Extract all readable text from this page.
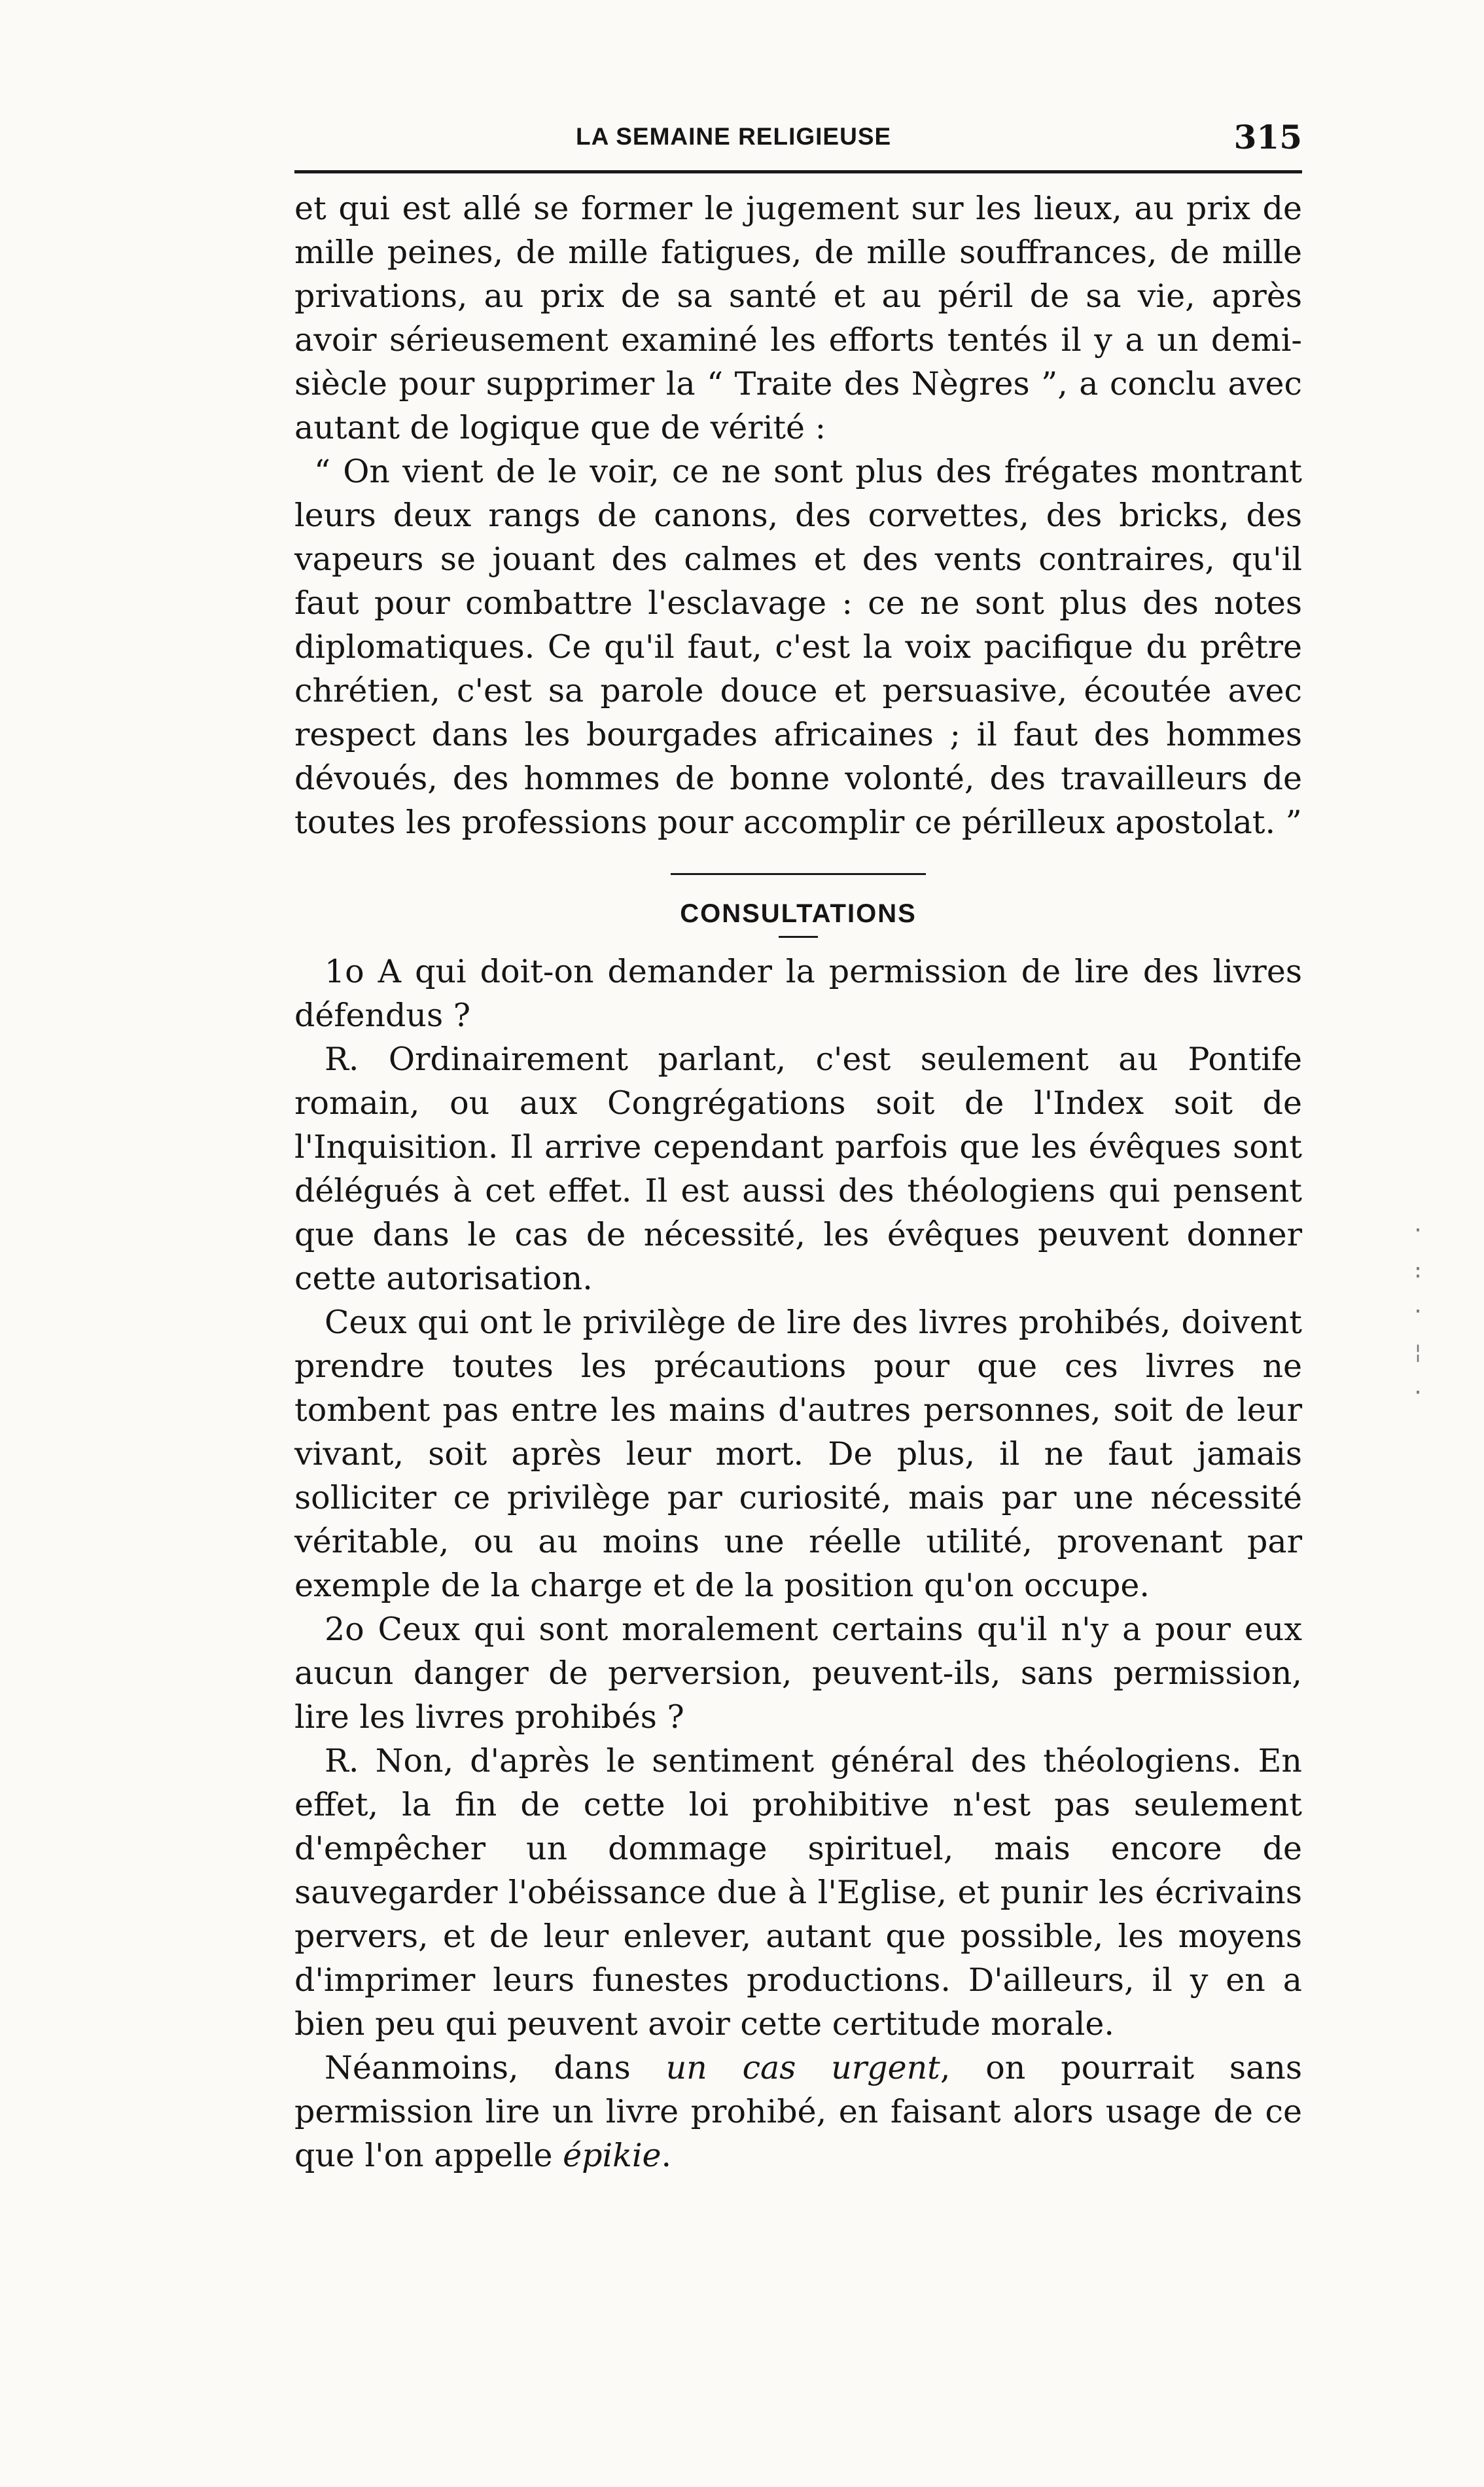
LA SEMAINE RELIGIEUSE	315

et qui est allé se former le jugement sur les lieux, au prix de mille peines, de mille fatigues, de mille souffrances, de mille privations, au prix de sa santé et au péril de sa vie, après avoir sérieusement examiné les efforts tentés il y a un demi-siècle pour supprimer la “ Traite des Nègres ”, a conclu avec autant de logique que de vérité :

“ On vient de le voir, ce ne sont plus des frégates montrant leurs deux rangs de canons, des corvettes, des bricks, des vapeurs se jouant des calmes et des vents contraires, qu'il faut pour combattre l'esclavage : ce ne sont plus des notes diplomatiques. Ce qu'il faut, c'est la voix pacifique du prêtre chrétien, c'est sa parole douce et persuasive, écoutée avec respect dans les bourgades africaines ; il faut des hommes dévoués, des hommes de bonne volonté, des travailleurs de toutes les professions pour accomplir ce périlleux apostolat. ”

CONSULTATIONS

1o A qui doit-on demander la permission de lire des livres défendus ?

R. Ordinairement parlant, c'est seulement au Pontife romain, ou aux Congrégations soit de l'Index soit de l'Inquisition. Il arrive cependant parfois que les évêques sont délégués à cet effet. Il est aussi des théologiens qui pensent que dans le cas de nécessité, les évêques peuvent donner cette autorisation.

Ceux qui ont le privilège de lire des livres prohibés, doivent prendre toutes les précautions pour que ces livres ne tombent pas entre les mains d'autres personnes, soit de leur vivant, soit après leur mort. De plus, il ne faut jamais solliciter ce privilège par curiosité, mais par une nécessité véritable, ou au moins une réelle utilité, provenant par exemple de la charge et de la position qu'on occupe.

2o Ceux qui sont moralement certains qu'il n'y a pour eux aucun danger de perversion, peuvent-ils, sans permission, lire les livres prohibés ?

R. Non, d'après le sentiment général des théologiens. En effet, la fin de cette loi prohibitive n'est pas seulement d'empêcher un dommage spirituel, mais encore de sauvegarder l'obéissance due à l'Eglise, et punir les écrivains pervers, et de leur enlever, autant que possible, les moyens d'imprimer leurs funestes productions. D'ailleurs, il y en a bien peu qui peuvent avoir cette certitude morale.

Néanmoins, dans un cas urgent, on pourrait sans permission lire un livre prohibé, en faisant alors usage de ce que l'on appelle épikie.

·
:
·
¦
·
